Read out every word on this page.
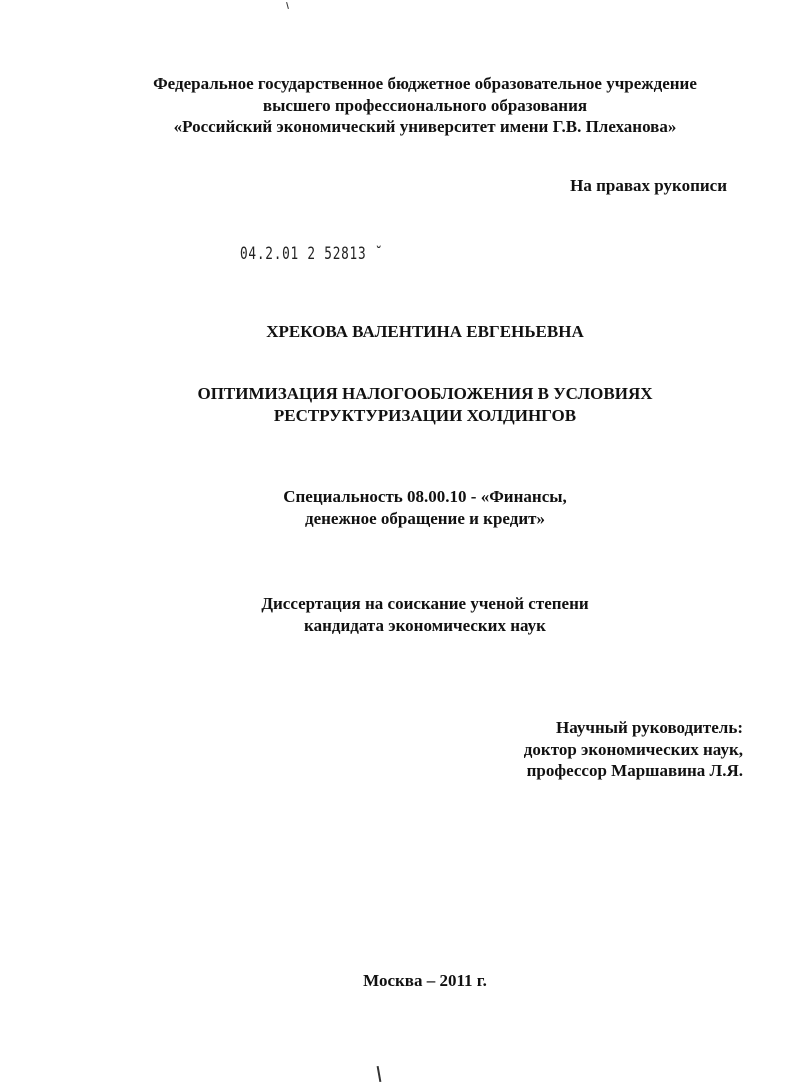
Федеральное государственное бюджетное образовательное учреждение
высшего профессионального образования
«Российский экономический университет имени Г.В. Плеханова»
На правах рукописи
04.2.01 2 52813 ˘
ХРЕКОВА ВАЛЕНТИНА ЕВГЕНЬЕВНА
ОПТИМИЗАЦИЯ НАЛОГООБЛОЖЕНИЯ В УСЛОВИЯХ
РЕСТРУКТУРИЗАЦИИ ХОЛДИНГОВ
Специальность 08.00.10 - «Финансы,
денежное обращение и кредит»
Диссертация на соискание ученой степени
кандидата экономических наук
Научный руководитель:
доктор экономических наук,
профессор Маршавина Л.Я.
Москва – 2011 г.
